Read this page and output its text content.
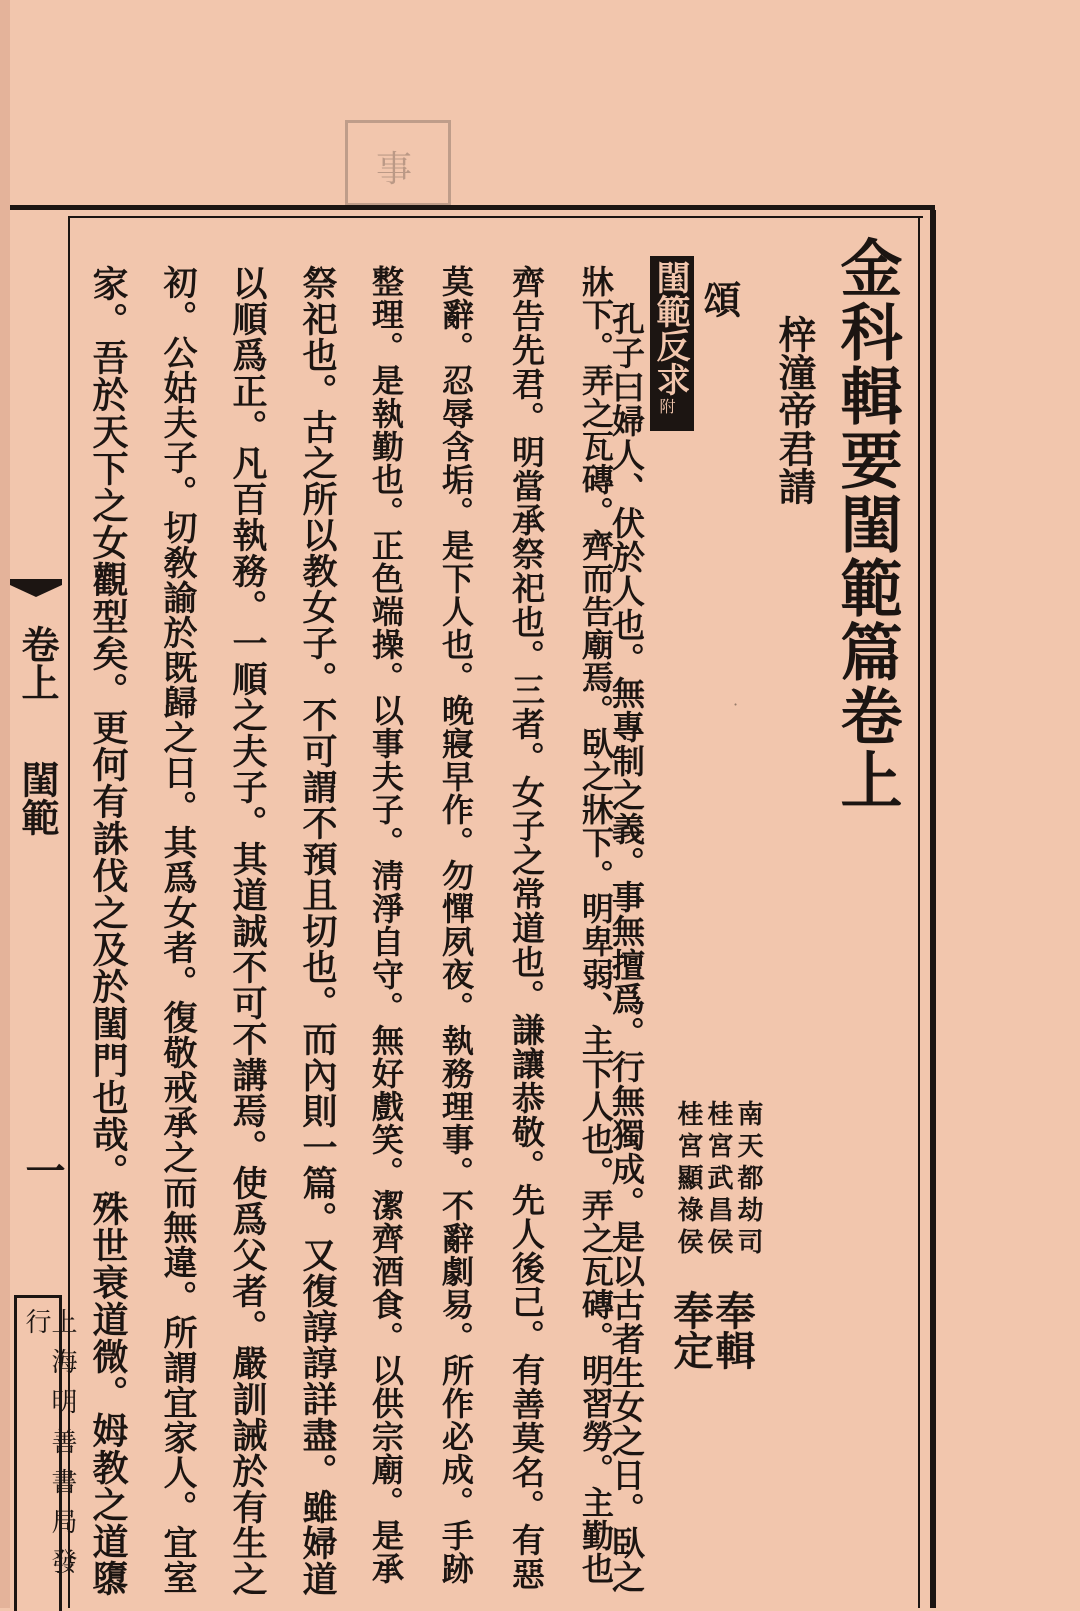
事
金科輯要閨範篇卷上
梓潼帝君請
頌
閨範反求
附
孔子曰婦人、伏於人也。無專制之義。事無擅爲。行無獨成。是以古者生女之日。臥之
牀下。弄之瓦磚。齊而告廟焉。臥之牀下。明卑弱、主下人也。弄之瓦磚。明習勞。主勤也
齊告先君。明當承祭祀也。三者。女子之常道也。謙讓恭敬。先人後己。有善莫名。有惡
莫辭。忍辱含垢。是下人也。晚寢早作。勿憚夙夜。執務理事。不辭劇易。所作必成。手跡
整理。是執勤也。正色端操。以事夫子。淸淨自守。無好戲笑。潔齊酒食。以供宗廟。是承
祭祀也。古之所以教女子。不可謂不預且切也。而內則一篇。又復諄諄詳盡。雖婦道
以順爲正。凡百執務。一順之夫子。其道誠不可不講焉。使爲父者。嚴訓誡於有生之
初。公姑夫子。切敎諭於既歸之日。其爲女者。復敬戒承之而無違。所謂宜家人。宜室
家。吾於天下之女觀型矣。更何有誅伐之及於閨門也哉。殊世衰道微。姆教之道隳	南天都劫司
桂宮武昌侯
桂宮顯祿侯
奉輯
奉定
卷上
閨範
一
上海明善書局發行
·
